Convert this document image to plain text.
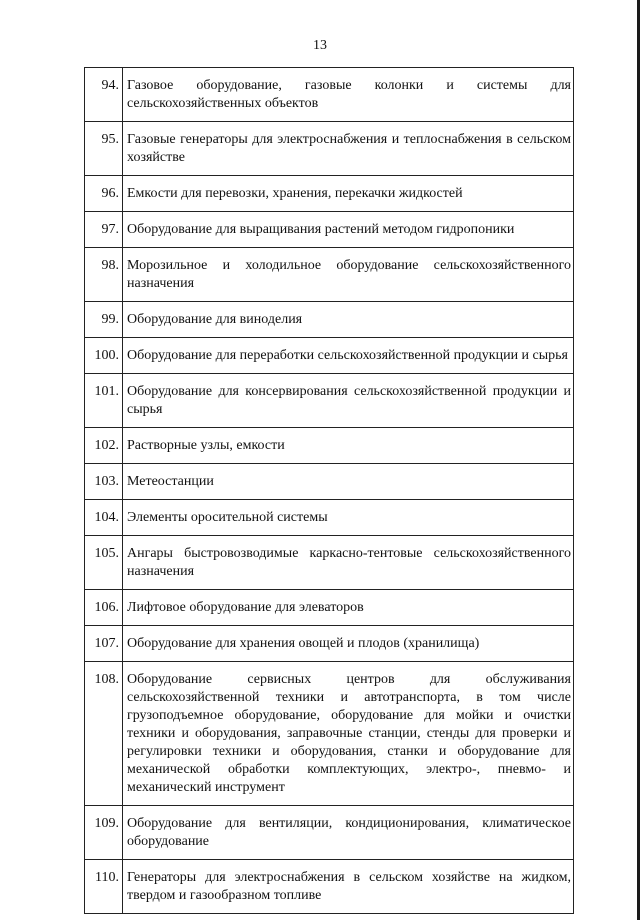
13
94.	Газовое оборудование, газовые колонки и системы для сельскохозяйственных объектов
95.	Газовые генераторы для электроснабжения и теплоснабжения в сельском хозяйстве
96.	Емкости для перевозки, хранения, перекачки жидкостей
97.	Оборудование для выращивания растений методом гидропоники
98.	Морозильное и холодильное оборудование сельскохозяйственного назначения
99.	Оборудование для виноделия
100.	Оборудование для переработки сельскохозяйственной продукции и сырья
101.	Оборудование для консервирования сельскохозяйственной продукции и сырья
102.	Растворные узлы, емкости
103.	Метеостанции
104.	Элементы оросительной системы
105.	Ангары быстровозводимые каркасно-тентовые сельскохозяйственного назначения
106.	Лифтовое оборудование для элеваторов
107.	Оборудование для хранения овощей и плодов (хранилища)
108.	Оборудование сервисных центров для обслуживания сельскохозяйственной техники и автотранспорта, в том числе грузоподъемное оборудование, оборудование для мойки и очистки техники и оборудования, заправочные станции, стенды для проверки и регулировки техники и оборудования, станки и оборудование для механической обработки комплектующих, электро-, пневмо- и механический инструмент
109.	Оборудование для вентиляции, кондиционирования, климатическое оборудование
110.	Генераторы для электроснабжения в сельском хозяйстве на жидком, твердом и газообразном топливе
